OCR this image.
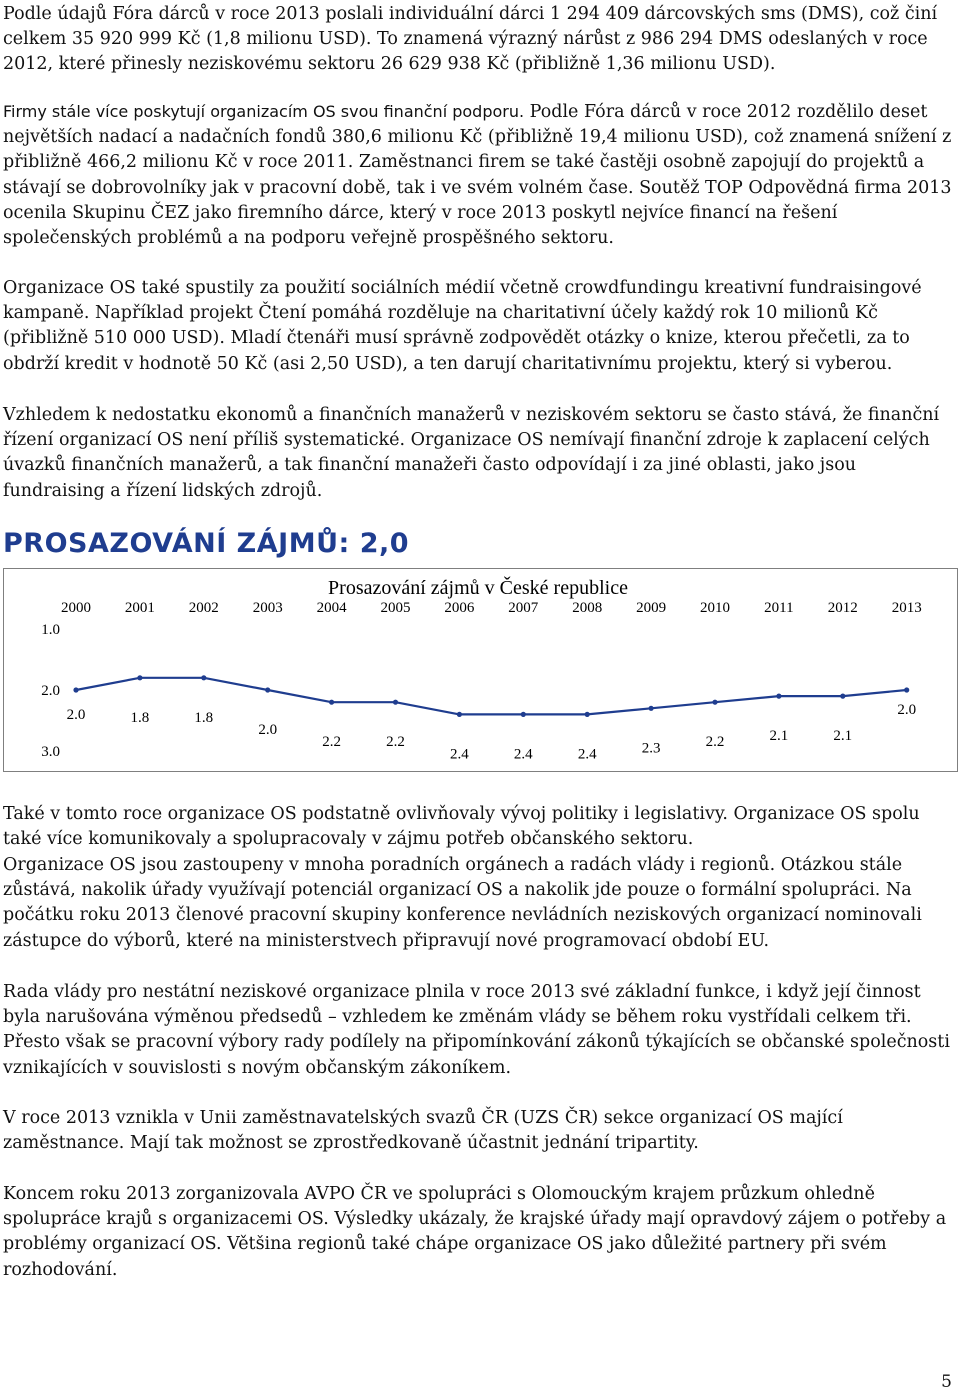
Podle údajů Fóra dárců v roce 2013 poslali individuální dárci 1 294 409 dárcovských sms (DMS), což činí celkem 35 920 999 Kč (1,8 milionu USD). To znamená výrazný nárůst z 986 294 DMS odeslaných v roce 2012, které přinesly neziskovému sektoru 26 629 938 Kč (přibližně 1,36 milionu USD).

Firmy stále více poskytují organizacím OS svou finanční podporu. Podle Fóra dárců v roce 2012 rozdělilo deset největších nadací a nadačních fondů 380,6 milionu Kč (přibližně 19,4 milionu USD), což znamená snížení z přibližně 466,2 milionu Kč v roce 2011. Zaměstnanci firem se také častěji osobně zapojují do projektů a stávají se dobrovolníky jak v pracovní době, tak i ve svém volném čase. Soutěž TOP Odpovědná firma 2013 ocenila Skupinu ČEZ jako firemního dárce, který v roce 2013 poskytl nejvíce financí na řešení společenských problémů a na podporu veřejně prospěšného sektoru.

Organizace OS také spustily za použití sociálních médií včetně crowdfundingu kreativní fundraisingové kampaně. Například projekt Čtení pomáhá rozděluje na charitativní účely každý rok 10 milionů Kč (přibližně 510 000 USD). Mladí čtenáři musí správně zodpovědět otázky o knize, kterou přečetli, za to obdrží kredit v hodnotě 50 Kč (asi 2,50 USD), a ten darují charitativnímu projektu, který si vyberou.

Vzhledem k nedostatku ekonomů a finančních manažerů v neziskovém sektoru se často stává, že finanční řízení organizací OS není příliš systematické. Organizace OS nemívají finanční zdroje k zaplacení celých úvazků finančních manažerů, a tak finanční manažeři často odpovídají i za jiné oblasti, jako jsou fundraising a řízení lidských zdrojů.

PROSAZOVÁNÍ ZÁJMŮ: 2,0
Prosazování zájmů v České republice
2000 2001 2002 2003 2004 2005 2006 2007 2008 2009 2010 2011 2012 2013
1.0
2.0
3.0
2.0	1.8	1.8
2.0
2.2	2.2
2.4	2.4	2.4	2.3	2.2	2.1	2.1
2.0

Také v tomto roce organizace OS podstatně ovlivňovaly vývoj politiky i legislativy. Organizace OS spolu také více komunikovaly a spolupracovaly v zájmu potřeb občanského sektoru.

Organizace OS jsou zastoupeny v mnoha poradních orgánech a radách vlády i regionů. Otázkou stále zůstává, nakolik úřady využívají potenciál organizací OS a nakolik jde pouze o formální spolupráci. Na počátku roku 2013 členové pracovní skupiny konference nevládních neziskových organizací nominovali zástupce do výborů, které na ministerstvech připravují nové programovací období EU.

Rada vlády pro nestátní neziskové organizace plnila v roce 2013 své základní funkce, i když její činnost byla narušována výměnou předsedů – vzhledem ke změnám vlády se během roku vystřídali celkem tři. Přesto však se pracovní výbory rady podílely na připomínkování zákonů týkajících se občanské společnosti vznikajících v souvislosti s novým občanským zákoníkem.

V roce 2013 vznikla v Unii zaměstnavatelských svazů ČR (UZS ČR) sekce organizací OS mající zaměstnance. Mají tak možnost se zprostředkovaně účastnit jednání tripartity.

Koncem roku 2013 zorganizovala AVPO ČR ve spolupráci s Olomouckým krajem průzkum ohledně spolupráce krajů s organizacemi OS. Výsledky ukázaly, že krajské úřady mají opravdový zájem o potřeby a problémy organizací OS. Většina regionů také chápe organizace OS jako důležité partnery při svém rozhodování.

5
